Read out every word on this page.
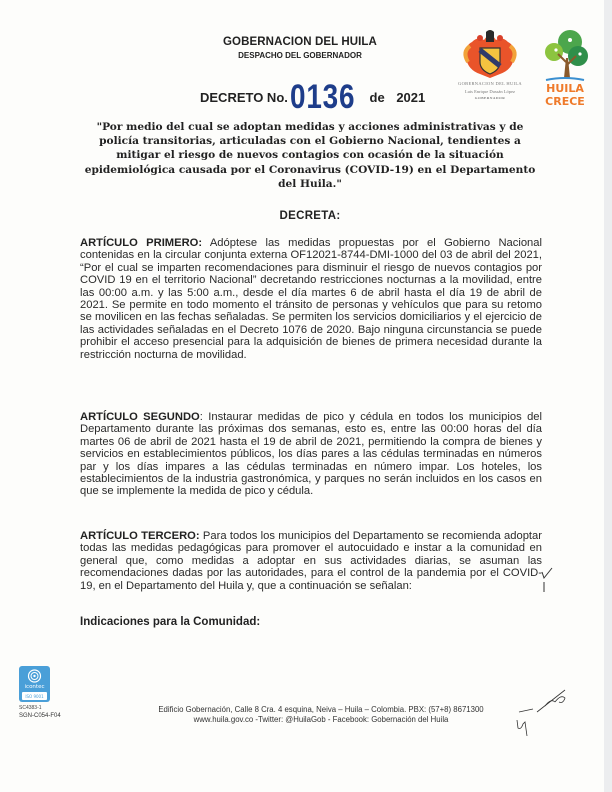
GOBERNACION DEL HUILA
DESPACHO DEL GOBERNADOR
DECRETO No. 0136	de 2021
GOBERNACION DEL HUILA
Luis Enrique Dussán López
GOBERNADOR
HUILA
CRECE
"Por medio del cual se adoptan medidas y acciones administrativas y de policía transitorias, articuladas con el Gobierno Nacional, tendientes a mitigar el riesgo de nuevos contagios con ocasión de la situación epidemiológica causada por el Coronavirus (COVID-19) en el Departamento del Huila."
DECRETA:
ARTÍCULO PRIMERO: Adóptese las medidas propuestas por el Gobierno Nacional contenidas en la circular conjunta externa OF12021-8744-DMI-1000 del 03 de abril del 2021, “Por el cual se imparten recomendaciones para disminuir el riesgo de nuevos contagios por COVID 19 en el territorio Nacional” decretando restricciones nocturnas a la movilidad, entre las 00:00 a.m. y las 5:00 a.m., desde el día martes 6 de abril hasta el día 19 de abril de 2021. Se permite en todo momento el tránsito de personas y vehículos que para su retomo se movilicen en las fechas señaladas. Se permiten los servicios domiciliarios y el ejercicio de las actividades señaladas en el Decreto 1076 de 2020. Bajo ninguna circunstancia se puede prohibir el acceso presencial para la adquisición de bienes de primera necesidad durante la restricción nocturna de movilidad.
ARTÍCULO SEGUNDO: Instaurar medidas de pico y cédula en todos los municipios del Departamento durante las próximas dos semanas, esto es, entre las 00:00 horas del día martes 06 de abril de 2021 hasta el 19 de abril de 2021, permitiendo la compra de bienes y servicios en establecimientos públicos, los días pares a las cédulas terminadas en números par y los días impares a las cédulas terminadas en número impar. Los hoteles, los establecimientos de la industria gastronómica, y parques no serán incluidos en los casos en que se implemente la medida de pico y cédula.
ARTÍCULO TERCERO: Para todos los municipios del Departamento se recomienda adoptar todas las medidas pedagógicas para promover el autocuidado e instar a la comunidad en general que, como medidas a adoptar en sus actividades diarias, se asuman las recomendaciones dadas por las autoridades, para el control de la pandemia por el COVID-19, en el Departamento del Huila y, que a continuación se señalan:
Indicaciones para la Comunidad:
icontec
ISO 9001
SC4383-1
SGN-C054-F04
Edificio Gobernación, Calle 8 Cra. 4 esquina, Neiva – Huila – Colombia. PBX: (57+8) 8671300
www.huila.gov.co -Twitter: @HuilaGob - Facebook: Gobernación del Huila
